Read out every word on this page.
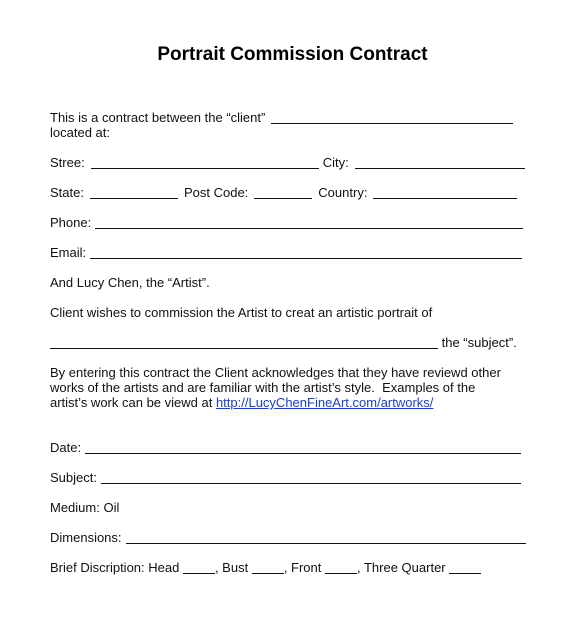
Portrait Commission Contract
This is a contract between the “client”
located at:
Stree:	City:
State:	Post Code:	Country:
Phone:
Email:
And Lucy Chen, the “Artist”.
Client wishes to commission the Artist to creat an artistic portrait of
the “subject”.
By entering this contract the Client acknowledges that they have reviewd other
works of the artists and are familiar with the artist’s style.  Examples of the
artist’s work can be viewd at http://LucyChenFineArt.com/artworks/
Date:
Subject:
Medium: Oil
Dimensions:
Brief Discription: Head , Bust , Front , Three Quarter
